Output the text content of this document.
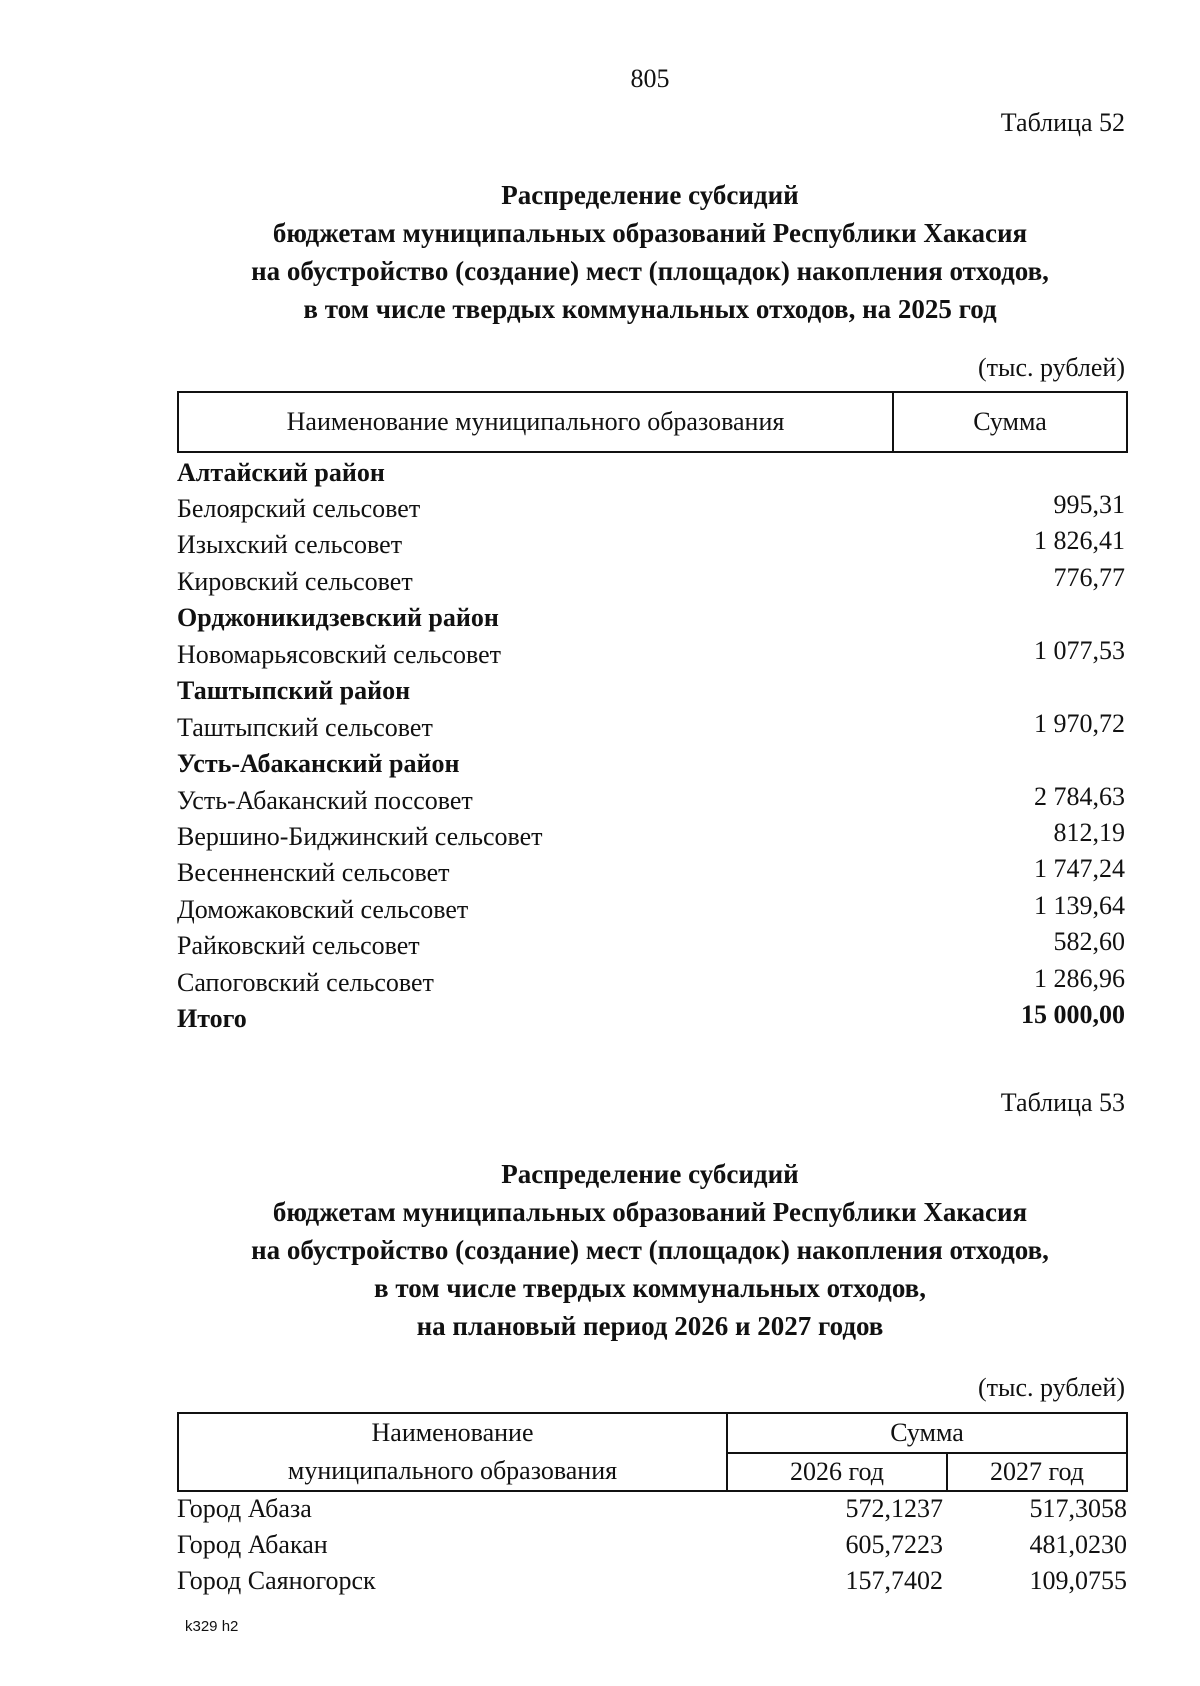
805
Таблица 52
Распределение субсидий
бюджетам муниципальных образований Республики Хакасия
на обустройство (создание) мест (площадок) накопления отходов,
в том числе твердых коммунальных отходов, на 2025 год
(тыс. рублей)
Наименование муниципального образования	Сумма
Алтайский район
Белоярский сельсовет	995,31
Изыхский сельсовет	1 826,41
Кировский сельсовет	776,77
Орджоникидзевский район
Новомарьясовский сельсовет	1 077,53
Таштыпский район
Таштыпский сельсовет	1 970,72
Усть-Абаканский район
Усть-Абаканский поссовет	2 784,63
Вершино-Биджинский сельсовет	812,19
Весенненский сельсовет	1 747,24
Доможаковский сельсовет	1 139,64
Райковский сельсовет	582,60
Сапоговский сельсовет	1 286,96
Итого	15 000,00
Таблица 53
Распределение субсидий
бюджетам муниципальных образований Республики Хакасия
на обустройство (создание) мест (площадок) накопления отходов,
в том числе твердых коммунальных отходов,
на плановый период 2026 и 2027 годов
(тыс. рублей)
Наименование
муниципального образования
Сумма
2026 год	2027 год
Город Абаза	572,1237	517,3058
Город Абакан	605,7223	481,0230
Город Саяногорск	157,7402	109,0755
k329 h2
